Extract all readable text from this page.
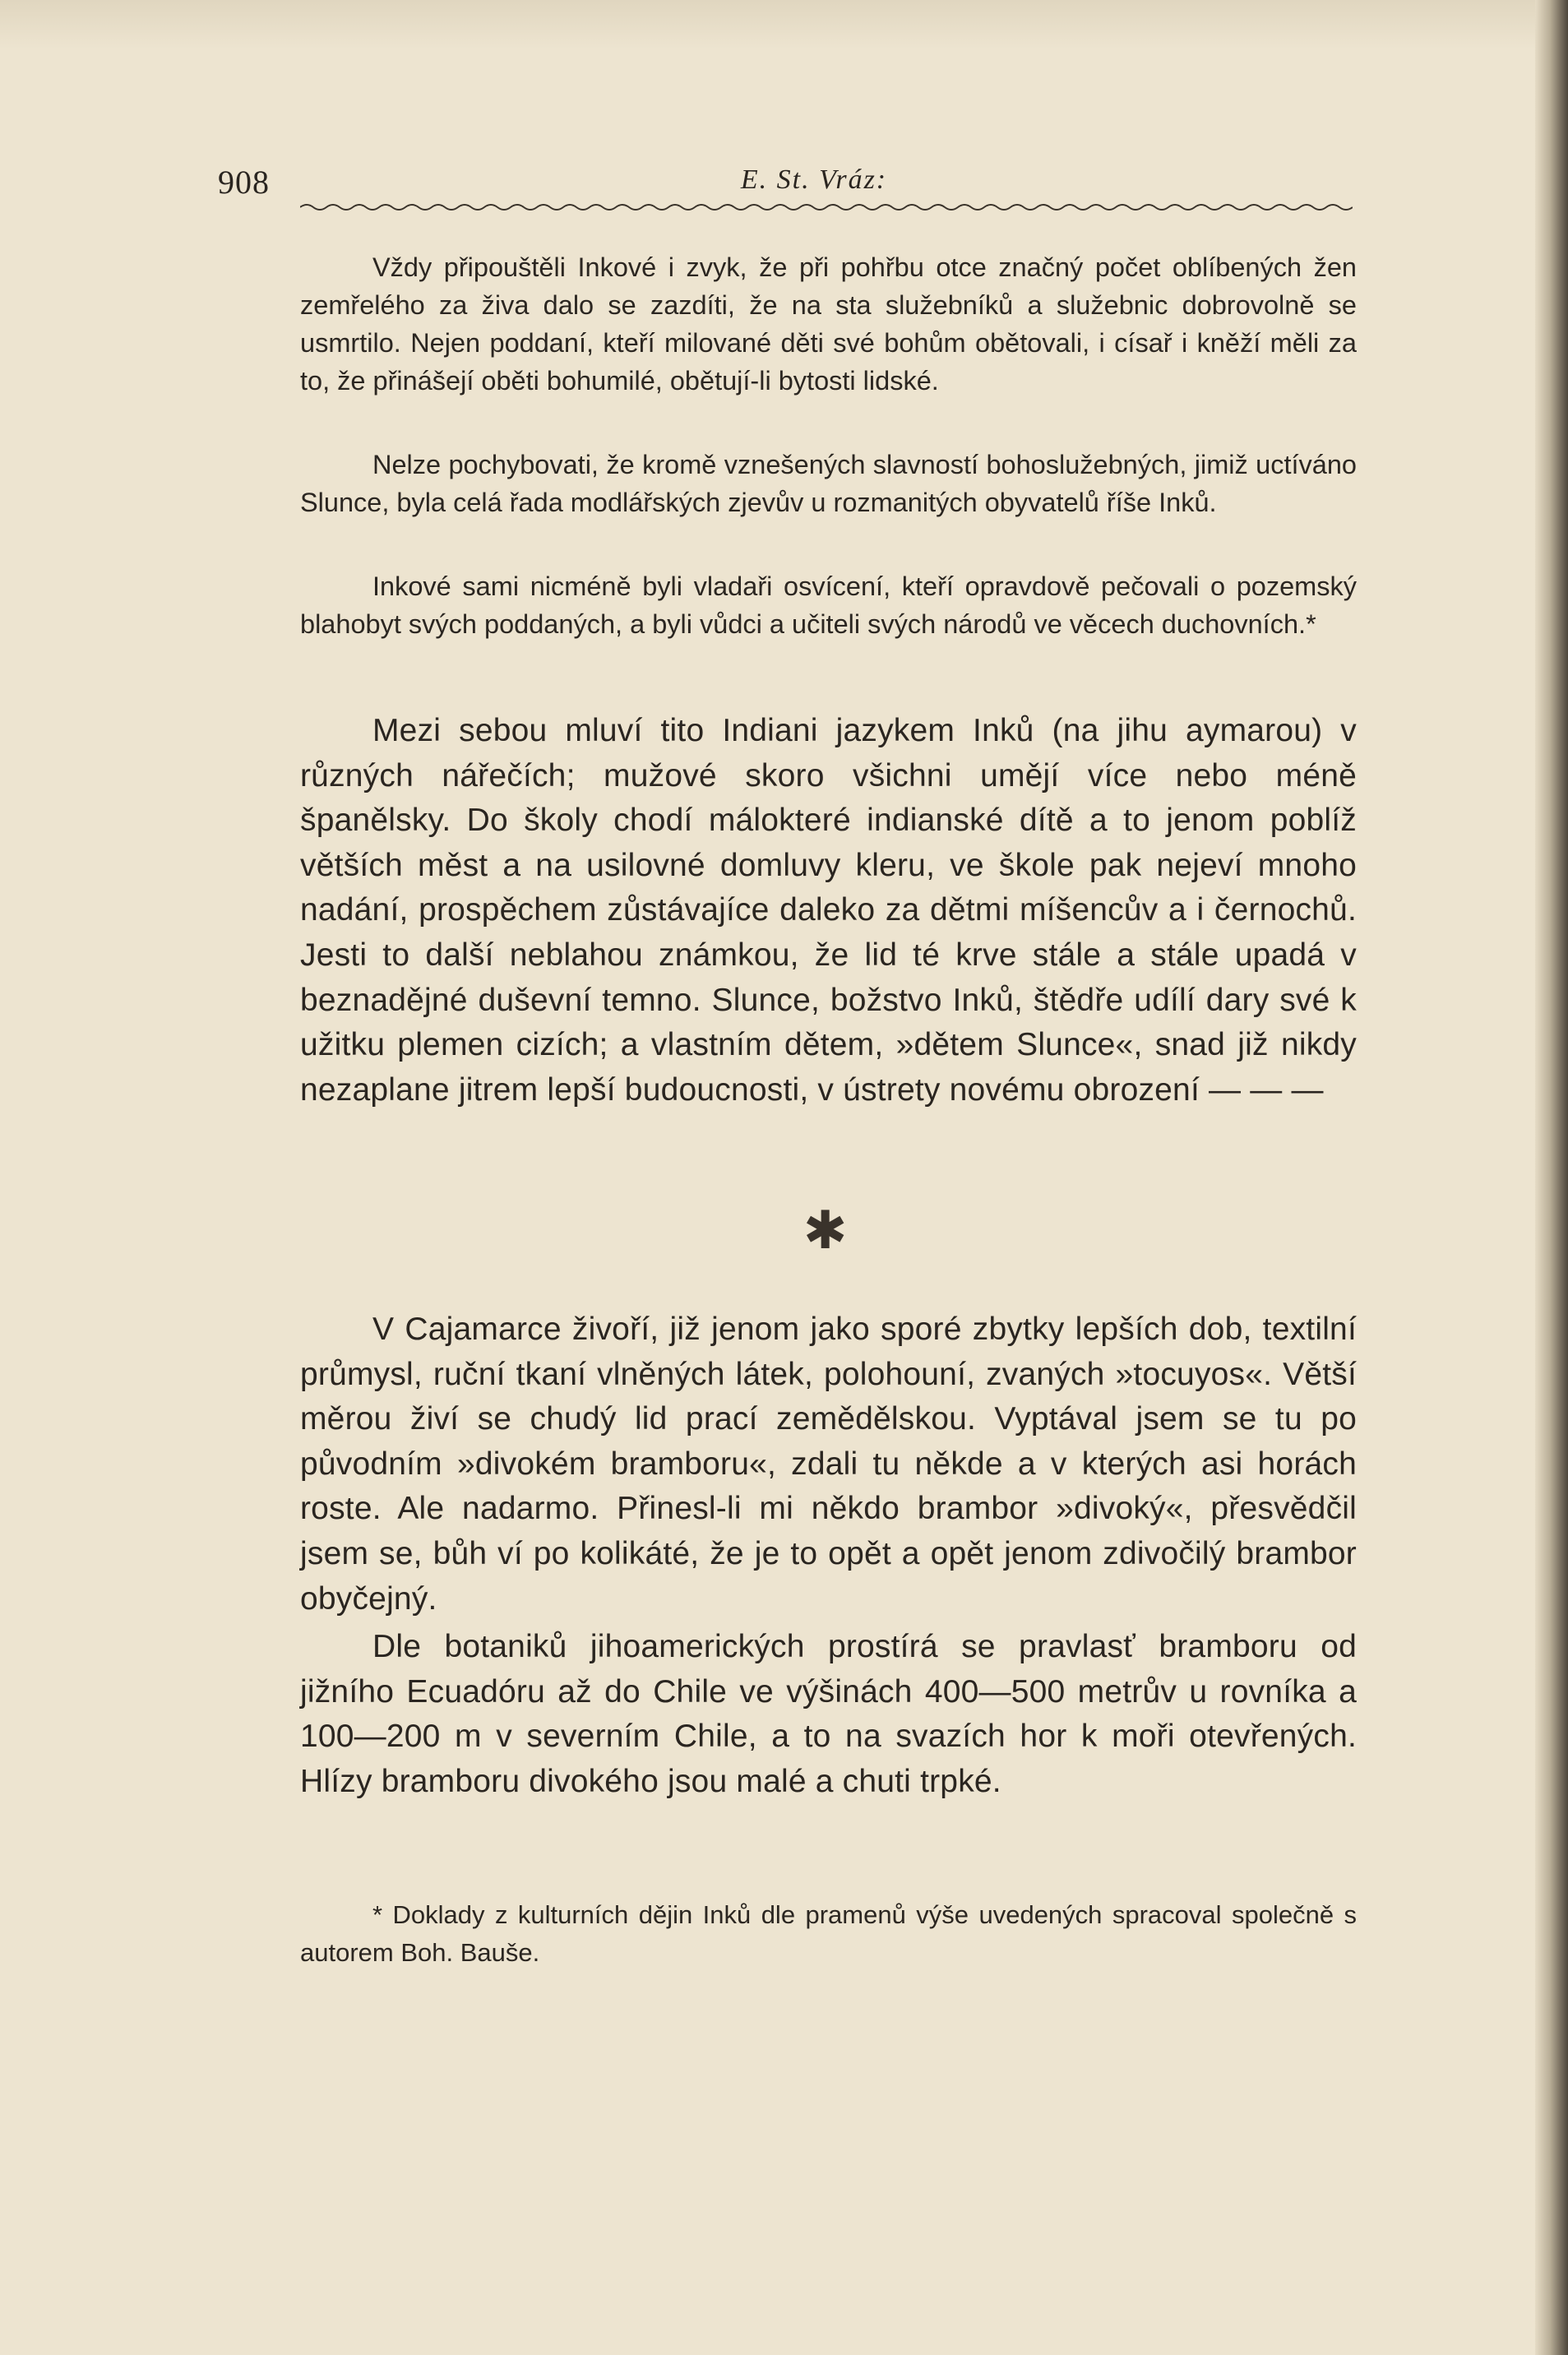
908	E. St. Vráz:

Vždy připouštěli Inkové i zvyk, že při pohřbu otce značný počet oblíbených žen zemřelého za živa dalo se zazdíti, že na sta služebníků a služebnic dobrovolně se usmrtilo. Nejen poddaní, kteří milované děti své bohům obětovali, i císař i kněží měli za to, že přinášejí oběti bohumilé, obětují-li bytosti lidské.

Nelze pochybovati, že kromě vznešených slavností bohoslužebných, jimiž uctíváno Slunce, byla celá řada modlářských zjevův u rozmanitých obyvatelů říše Inků.

Inkové sami nicméně byli vladaři osvícení, kteří opravdově pečovali o pozemský blahobyt svých poddaných, a byli vůdci a učiteli svých národů ve věcech duchovních.*

Mezi sebou mluví tito Indiani jazykem Inků (na jihu aymarou) v různých nářečích; mužové skoro všichni umějí více nebo méně španělsky. Do školy chodí málokteré indianské dítě a to jenom poblíž větších měst a na usilovné domluvy kleru, ve škole pak nejeví mnoho nadání, prospěchem zůstávajíce daleko za dětmi míšencův a i černochů. Jesti to další neblahou známkou, že lid té krve stále a stále upadá v beznadějné duševní temno. Slunce, božstvo Inků, štědře udílí dary své k užitku plemen cizích; a vlastním dětem, »dětem Slunce«, snad již nikdy nezaplane jitrem lepší budoucnosti, v ústrety novému obrození — — —

✱

V Cajamarce živoří, již jenom jako sporé zbytky lepších dob, textilní průmysl, ruční tkaní vlněných látek, polohouní, zvaných »tocuyos«. Větší měrou živí se chudý lid prací zemědělskou. Vyptával jsem se tu po původním »divokém bramboru«, zdali tu někde a v kterých asi horách roste. Ale nadarmo. Přinesl-li mi někdo brambor »divoký«, přesvědčil jsem se, bůh ví po kolikáté, že je to opět a opět jenom zdivočilý brambor obyčejný.

Dle botaniků jihoamerických prostírá se pravlasť bramboru od jižního Ecuadóru až do Chile ve výšinách 400—500 metrův u rovníka a 100—200 m v severním Chile, a to na svazích hor k moři otevřených. Hlízy bramboru divokého jsou malé a chuti trpké.

* Doklady z kulturních dějin Inků dle pramenů výše uvedených spracoval společně s autorem Boh. Bauše.
